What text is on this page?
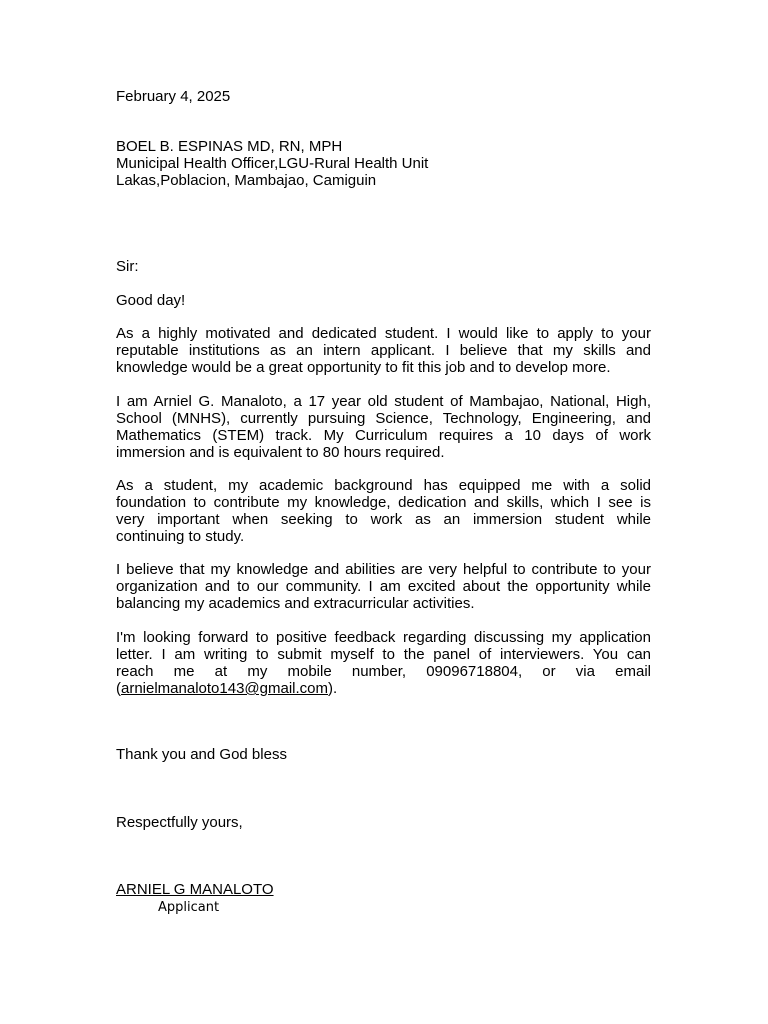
February 4, 2025
BOEL B. ESPINAS MD, RN, MPH
Municipal Health Officer,LGU-Rural Health Unit
Lakas,Poblacion, Mambajao, Camiguin
Sir:
Good day!
As a highly motivated and dedicated student. I would like to apply to your
reputable institutions as an intern applicant. I believe that my skills and
knowledge would be a great opportunity to fit this job and to develop more.
I am Arniel G. Manaloto, a 17 year old student of Mambajao, National, High,
School (MNHS), currently pursuing Science, Technology, Engineering, and
Mathematics (STEM) track. My Curriculum requires a 10 days of work
immersion and is equivalent to 80 hours required.
As a student, my academic background has equipped me with a solid
foundation to contribute my knowledge, dedication and skills, which I see is
very important when seeking to work as an immersion student while
continuing to study.
I believe that my knowledge and abilities are very helpful to contribute to your
organization and to our community. I am excited about the opportunity while
balancing my academics and extracurricular activities.
I'm looking forward to positive feedback regarding discussing my application
letter. I am writing to submit myself to the panel of interviewers. You can
reach me at my mobile number, 09096718804, or via email
(arnielmanaloto143@gmail.com).
Thank you and God bless
Respectfully yours,
ARNIEL G MANALOTO
Applicant
